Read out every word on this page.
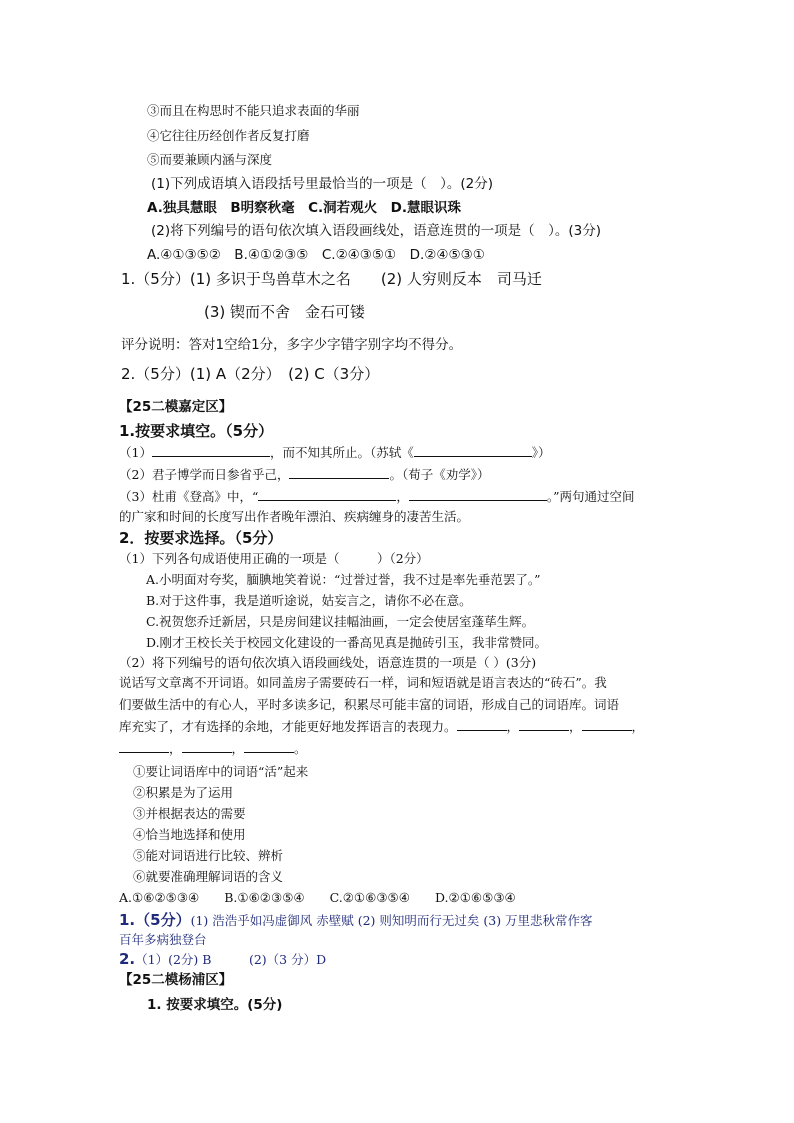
③而且在构思时不能只追求表面的华丽
④它往往历经创作者反复打磨
⑤而要兼顾内涵与深度
(1)下列成语填入语段括号里最恰当的一项是（　）。(2分)
A.独具慧眼　B明察秋毫　C.洞若观火　D.慧眼识珠
(2)将下列编号的语句依次填入语段画线处，语意连贯的一项是（　）。(3分)
A.④①③⑤②　B.④①②③⑤　C.②④③⑤①　D.②④⑤③①
1.（5分）(1) 多识于鸟兽草木之名　　(2) 人穷则反本　司马迁
(3) 锲而不舍　金石可镂
评分说明：答对1空给1分，多字少字错字别字均不得分。
2.（5分）(1) A（2分）　(2) C（3分）
【25二模嘉定区】
1.按要求填空。（5分）
（1）	，而不知其所止。（苏轼《	》）
（2）君子博学而日参省乎己，	。（荀子《劝学》）
（3）杜甫《登高》中，“	，	。”两句通过空间
的广家和时间的长度写出作者晚年漂泊、疾病缠身的凄苦生活。
2．按要求选择。（5分）
（1）下列各句成语使用正确的一项是（　　　）（2分）
A.小明面对夸奖，腼腆地笑着说：“过誉过誉，我不过是率先垂范罢了。”
B.对于这件事，我是道听途说，姑妄言之，请你不必在意。
C.祝贺您乔迁新居，只是房间建议挂幅油画，一定会使居室蓬荜生辉。
D.刚才王校长关于校园文化建设的一番高见真是抛砖引玉，我非常赞同。
（2）将下列编号的语句依次填入语段画线处，语意连贯的一项是（ ）(3分)
说话写文章离不开词语。如同盖房子需要砖石一样，词和短语就是语言表达的“砖石”。我
们要做生活中的有心人，平时多读多记，积累尽可能丰富的词语，形成自己的词语库。词语
库充实了，才有选择的余地，才能更好地发挥语言的表现力。	，	，	，
，	，	。
①要让词语库中的词语“活”起来
②积累是为了运用
③并根据表达的需要
④恰当地选择和使用
⑤能对词语进行比较、辨析
⑥就要准确理解词语的含义
A.①⑥②⑤③④　　B.①⑥②③⑤④　　C.②①⑥③⑤④　　D.②①⑥⑤③④
1.（5分）(1) 浩浩乎如冯虚御风 赤壁赋 (2) 则知明而行无过矣 (3) 万里悲秋常作客
百年多病独登台
2.（1）(2分) B　　　(2)（3 分）D
【25二模杨浦区】
1. 按要求填空。(5分)
